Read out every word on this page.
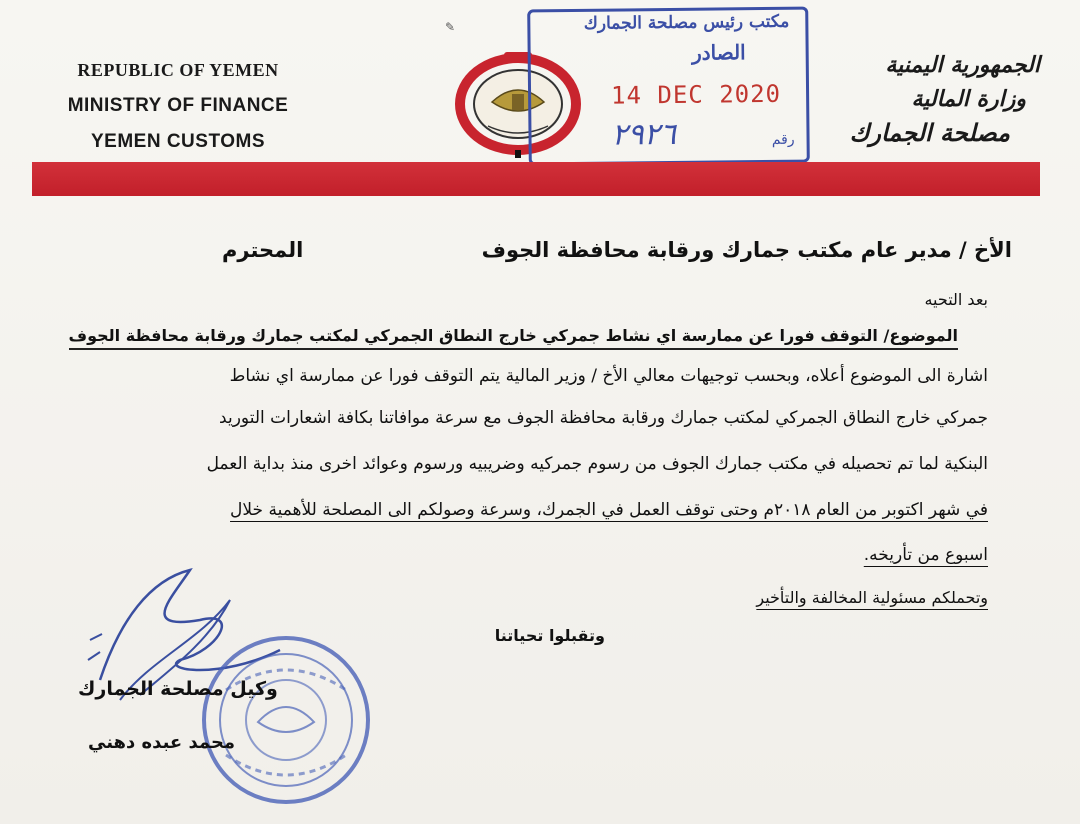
✎
REPUBLIC OF YEMEN
MINISTRY OF FINANCE
YEMEN CUSTOMS
مكتب رئيس مصلحة الجمارك
الصادر
14 DEC 2020
٢٩٢٦	رقم
الجمهورية اليمنية
وزارة المالية
مصلحة الجمارك
الأخ / مدير عام مكتب جمارك ورقابة محافظة الجوف
المحترم
بعد التحيه
الموضوع/ التوقف فورا عن ممارسة اي نشاط جمركي خارج النطاق الجمركي لمكتب جمارك ورقابة محافظة الجوف
اشارة الى الموضوع أعلاه، وبحسب توجيهات معالي الأخ / وزير المالية يتم التوقف فورا عن ممارسة اي نشاط
جمركي خارج النطاق الجمركي لمكتب جمارك ورقابة محافظة الجوف مع سرعة موافاتنا بكافة اشعارات التوريد
البنكية لما تم تحصيله في مكتب جمارك الجوف من رسوم جمركيه وضريبيه ورسوم وعوائد اخرى منذ بداية العمل
في شهر اكتوبر من العام ٢٠١٨م وحتى توقف العمل في الجمرك، وسرعة وصولكم الى المصلحة للأهمية خلال
اسبوع من تأريخه.
وتحملكم مسئولية المخالفة والتأخير
وتقبلوا تحياتنا
وكيل مصلحة الجمارك
محمد عبده دهني
